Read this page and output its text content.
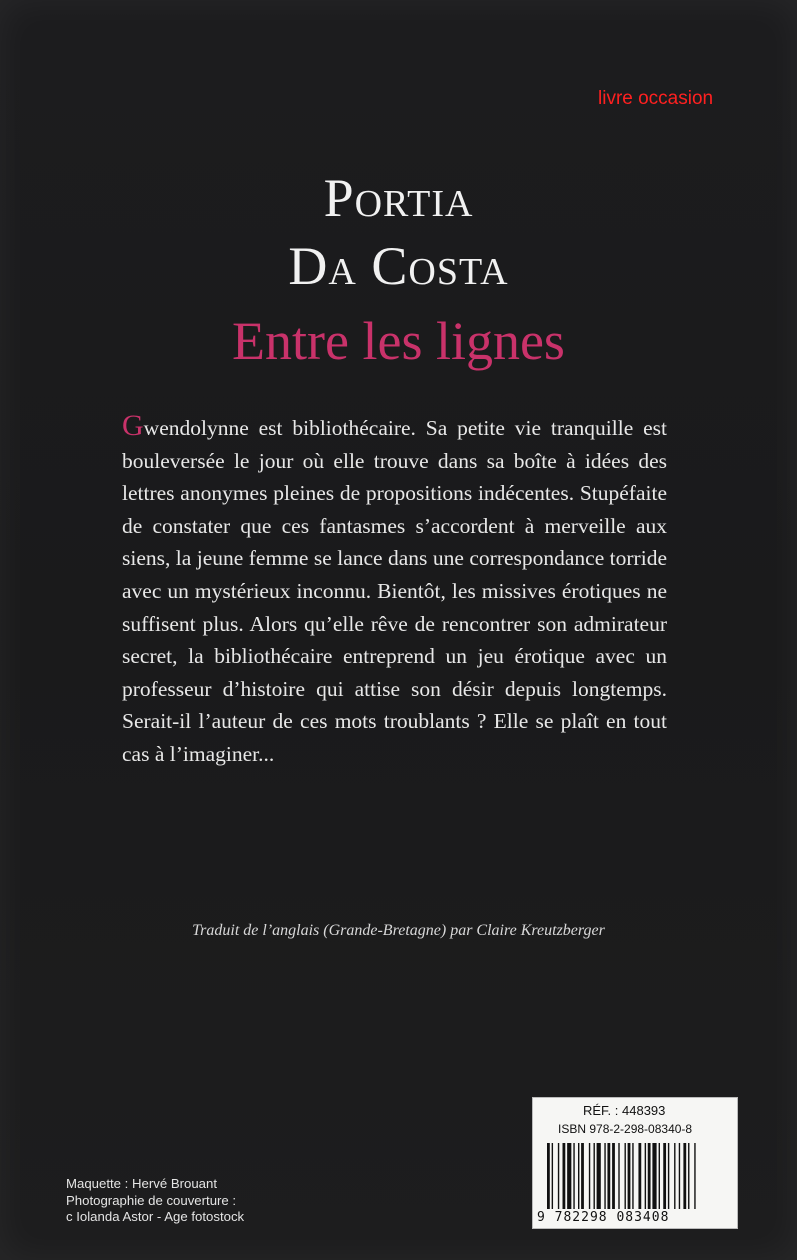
livre occasion
Portia
Da Costa
Entre les lignes

Gwendolynne est bibliothécaire. Sa petite vie tranquille est bouleversée le jour où elle trouve dans sa boîte à idées des lettres anonymes pleines de propositions indécentes. Stupéfaite de constater que ces fantasmes s’accordent à merveille aux siens, la jeune femme se lance dans une correspondance torride avec un mystérieux inconnu. Bientôt, les missives érotiques ne suffisent plus. Alors qu’elle rêve de rencontrer son admirateur secret, la bibliothécaire entreprend un jeu érotique avec un professeur d’histoire qui attise son désir depuis longtemps. Serait-il l’auteur de ces mots troublants ? Elle se plaît en tout cas à l’imaginer...

Traduit de l’anglais (Grande-Bretagne) par Claire Kreutzberger
Maquette : Hervé Brouant
Photographie de couverture :
c Iolanda Astor - Age fotostock
RÉF. : 448393
ISBN 978-2-298-08340-8
9 782298 083408
